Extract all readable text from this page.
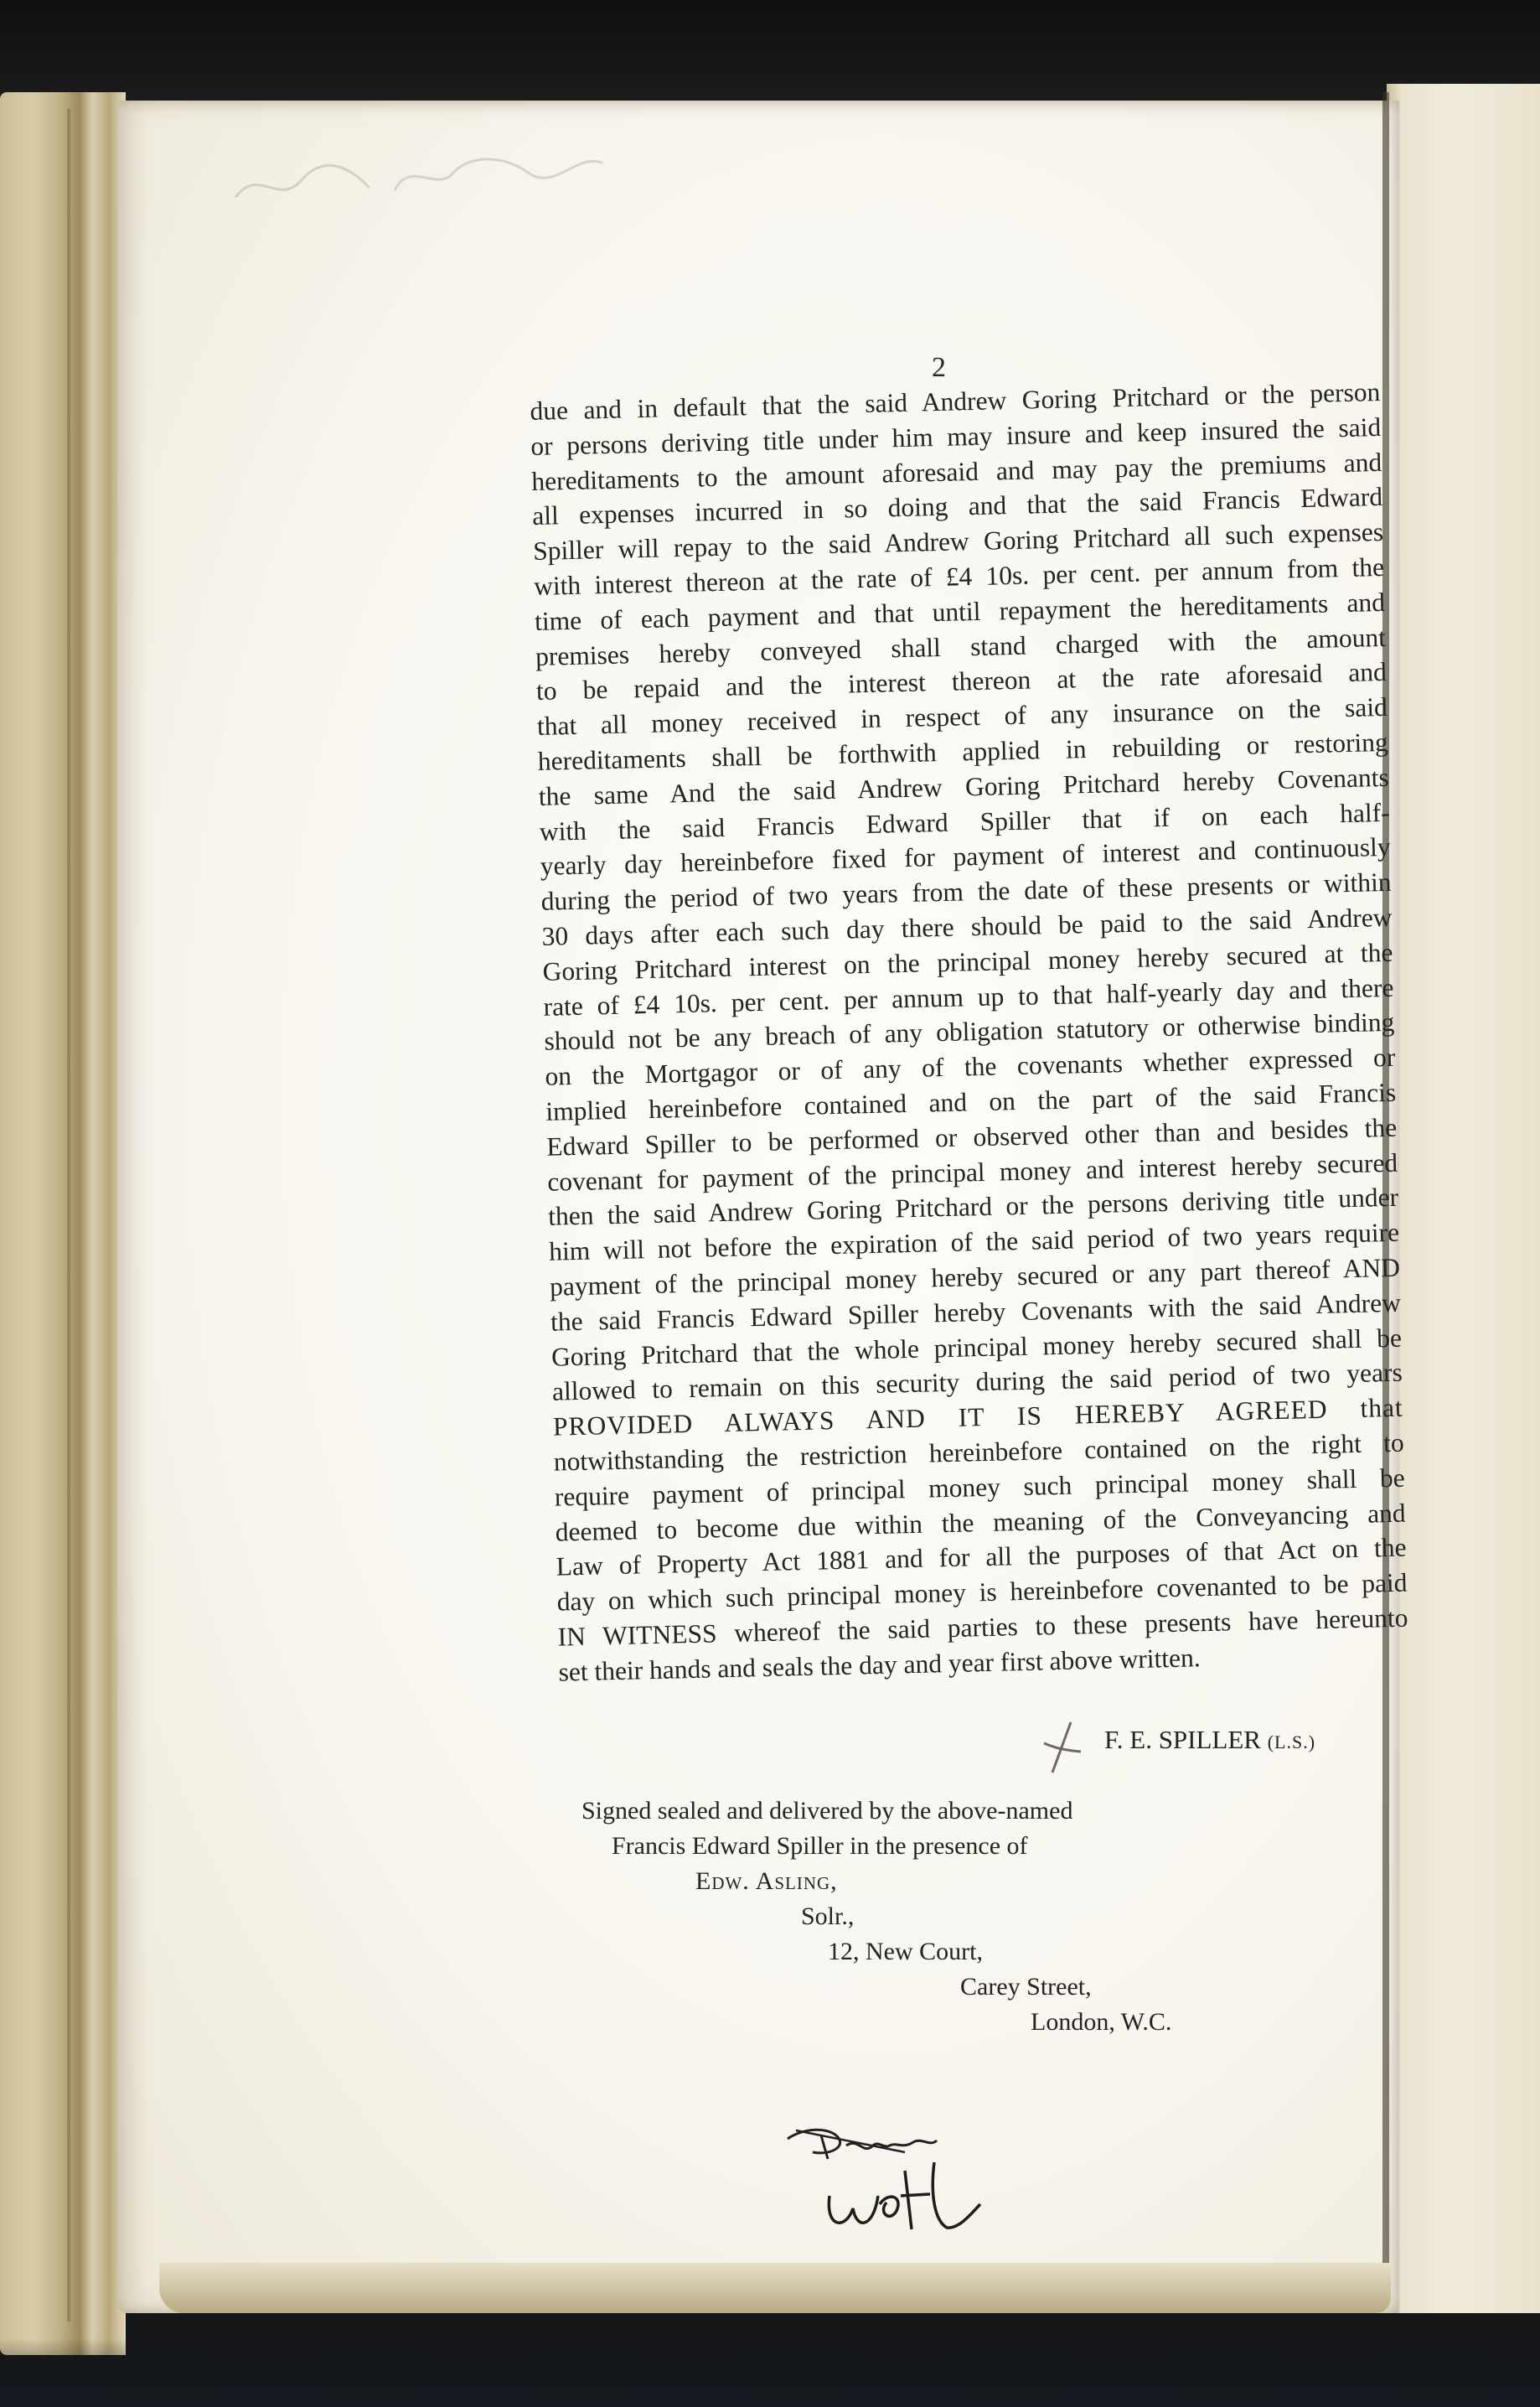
2
due and in default that the said Andrew Goring Pritchard or the person
or persons deriving title under him may insure and keep insured the said
hereditaments to the amount aforesaid and may pay the premiums and
all expenses incurred in so doing and that the said Francis Edward
Spiller will repay to the said Andrew Goring Pritchard all such expenses
with interest thereon at the rate of £4 10s. per cent. per annum from the
time of each payment and that until repayment the hereditaments and
premises hereby conveyed shall stand charged with the amount
to be repaid and the interest thereon at the rate aforesaid and
that all money received in respect of any insurance on the said
hereditaments shall be forthwith applied in rebuilding or restoring
the same And the said Andrew Goring Pritchard hereby Covenants
with the said Francis Edward Spiller that if on each half-
yearly day hereinbefore fixed for payment of interest and continuously
during the period of two years from the date of these presents or within
30 days after each such day there should be paid to the said Andrew
Goring Pritchard interest on the principal money hereby secured at the
rate of £4 10s. per cent. per annum up to that half-yearly day and there
should not be any breach of any obligation statutory or otherwise binding
on the Mortgagor or of any of the covenants whether expressed or
implied hereinbefore contained and on the part of the said Francis
Edward Spiller to be performed or observed other than and besides the
covenant for payment of the principal money and interest hereby secured
then the said Andrew Goring Pritchard or the persons deriving title under
him will not before the expiration of the said period of two years require
payment of the principal money hereby secured or any part thereof AND
the said Francis Edward Spiller hereby Covenants with the said Andrew
Goring Pritchard that the whole principal money hereby secured shall be
allowed to remain on this security during the said period of two years
PROVIDED ALWAYS AND IT IS HEREBY AGREED that
notwithstanding the restriction hereinbefore contained on the right to
require payment of principal money such principal money shall be
deemed to become due within the meaning of the Conveyancing and
Law of Property Act 1881 and for all the purposes of that Act on the
day on which such principal money is hereinbefore covenanted to be paid
IN WITNESS whereof the said parties to these presents have hereunto
set their hands and seals the day and year first above written.
F. E. SPILLER (L.S.)
Signed sealed and delivered by the above-named
Francis Edward Spiller in the presence of
Edw. Asling,
Solr.,
12, New Court,
Carey Street,
London, W.C.
